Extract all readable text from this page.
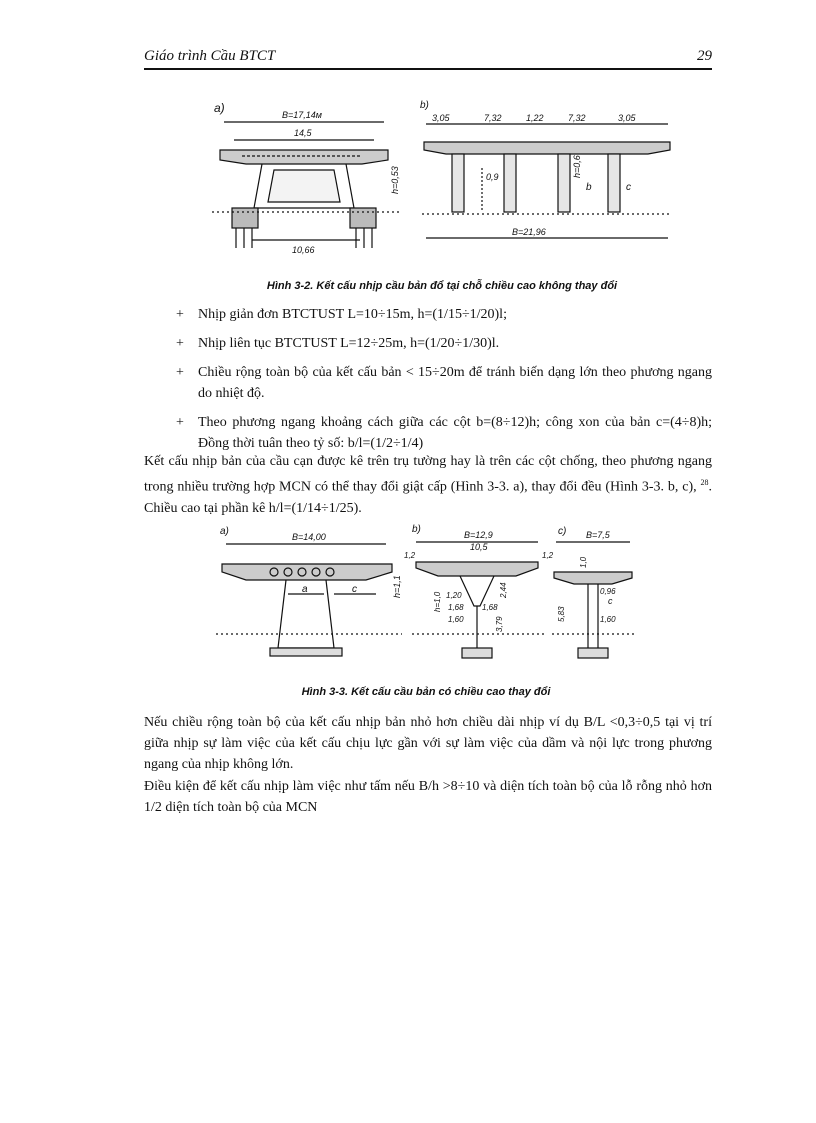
Giáo trình Cầu BTCT	29
a)	B=17,14м
14,5
h=0,53
10,66
b)
3,05	7,32	1,22	7,32	3,05
0,9	h=0,6
b	c
B=21,96
Hình 3-2. Kết cấu nhịp cầu bản đổ tại chỗ chiều cao không thay đổi
+ Nhịp giản đơn BTCTUST L=10÷15m, h=(1/15÷1/20)l;
+ Nhịp liên tục BTCTUST L=12÷25m, h=(1/20÷1/30)l.
+ Chiều rộng toàn bộ của kết cấu bản < 15÷20m để tránh biến dạng lớn theo phương ngang do nhiệt độ.
+ Theo phương ngang khoảng cách giữa các cột b=(8÷12)h; công xon của bản c=(4÷8)h; Đồng thời tuân theo tỷ số: b/l=(1/2÷1/4)
Kết cấu nhịp bản của cầu cạn được kê trên trụ tường hay là trên các cột chống, theo phương ngang trong nhiều trường hợp MCN có thể thay đổi giật cấp (Hình 3-3. a), thay đổi đều (Hình 3-3. b, c), $^{28}$. Chiều cao tại phần kê h/l=(1/14÷1/25).
a)	B=14,00
a	c	h=1,1
b)	B=12,9
10,5
1,2	1,2
h=1,0 1,20
1,68 1,68
1,60
2,44
3,79
c) B=7,5
1,0
0,96
c
1,60
5,83
Hình 3-3. Kết cấu cầu bản có chiều cao thay đổi
Nếu chiều rộng toàn bộ của kết cấu nhịp bản nhỏ hơn chiều dài nhịp ví dụ B/L <0,3÷0,5 tại vị trí giữa nhịp sự làm việc của kết cấu chịu lực gần với sự làm việc của dầm và nội lực trong phương ngang của nhịp không lớn.
Điều kiện để kết cấu nhịp làm việc như tấm nếu B/h >8÷10 và diện tích toàn bộ của lỗ rỗng nhỏ hơn 1/2 diện tích toàn bộ của MCN
